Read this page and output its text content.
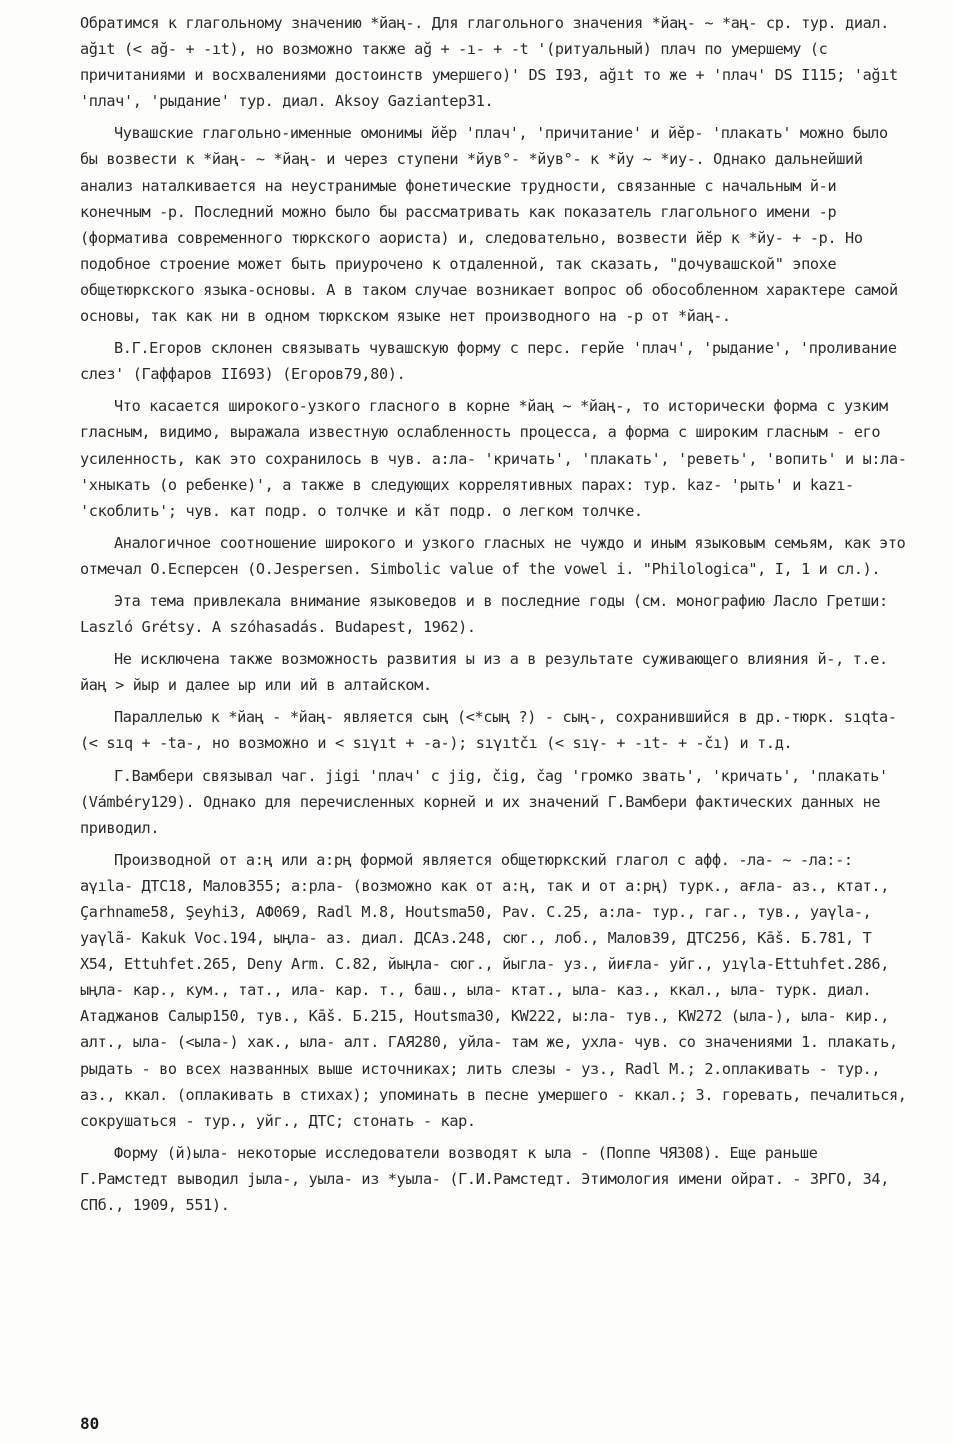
Обратимся к глагольному значению *йаң-. Для глагольного значения *йаң- ~ *аң- ср. тур. диал. ağıt (< ağ- + -ıt), но возможно также ağ + -ı- + -t '(ритуальный) плач по умершему (с причитаниями и восхвалениями достоинств умершего)' DS I93, ağıt то же + 'плач' DS I115; 'ağıt 'плач', 'рыдание' тур. диал. Aksoy Gaziantep31.

Чувашские глагольно-именные омонимы йӗр 'плач', 'причитание' и йӗр- 'плакать' можно было бы возвести к *йаң- ~ *йаң- и через ступени *йув°- *йув°- к *йу ~ *иу-. Однако дальнейший анализ наталкивается на неустранимые фонетические трудности, связанные с начальным й-и конечным -р. Последний можно было бы рассматривать как показатель глагольного имени -р (форматива современного тюркского аориста) и, следовательно, возвести йӗр к *йу- + -р. Но подобное строение может быть приурочено к отдаленной, так сказать, "дочувашской" эпохе общетюркского языка-основы. А в таком случае возникает вопрос об обособленном характере самой основы, так как ни в одном тюркском языке нет производного на -р от *йаң-.

В.Г.Егоров склонен связывать чувашскую форму с перс. герйе 'плач', 'рыдание', 'проливание слез' (Гаффаров II693) (Егоров79,80).

Что касается широкого-узкого гласного в корне *йаң ~ *йаң-, то исторически форма с узким гласным, видимо, выражала известную ослабленность процесса, а форма с широким гласным - его усиленность, как это сохранилось в чув. а:ла- 'кричать', 'плакать', 'реветь', 'вопить' и ы:ла- 'хныкать (о ребенке)', а также в следующих коррелятивных парах: тур. kaz- 'рыть' и kazı- 'скоблить'; чув. кат подр. о толчке и кӑт подр. о легком толчке.

Аналогичное соотношение широкого и узкого гласных не чуждо и иным языковым семьям, как это отмечал О.Есперсен (O.Jespersen. Simbolic value of the vowel i. "Philologica", I, 1 и сл.).

Эта тема привлекала внимание языковедов и в последние годы (см. монографию Ласло Гретши: Laszló Grétsy. A szóhasadás. Budapest, 1962).

Не исключена также возможность развития ы из а в результате суживающего влияния й-, т.е. йаң > йыр и далее ыр или ий в алтайском.

Параллелью к *йаң - *йаң- является сың (<*сың ?) - сың-, сохранившийся в др.-тюрк. sıqta- (< sıq + -ta-, но возможно и < sıγıt + -a-); sıγıtčı (< sıγ- + -ıt- + -čı) и т.д.

Г.Вамбери связывал чаг. jigi 'плач' с jig, čig, čag 'громко звать', 'кричать', 'плакать' (Vámbéry129). Однако для перечисленных корней и их значений Г.Вамбери фактических данных не приводил.

Производной от а:ң или а:рң формой является общетюркский глагол с афф. -ла- ~ -ла:-: aγıla- ДТС18, Малов355; а:рла- (возможно как от а:ң, так и от а:рң) турк., ағла- аз., ктат., Çarhnamе58, Şeyhi3, АФ069, Radl М.8, Houtsma50, Pav. C.25, а:ла- тур., гаг., тув., yaγla-, yaγlã- Kakuk Voc.194, ыңла- аз. диал. ДСАз.248, сюг., лоб., Малов39, ДТС256, Kāš. Б.781, Т Х54, Ettuhfet.265, Deny Arm. C.82, йыңла- сюг., йыгла- уз., йиғла- уйг., yıγla-Ettuhfet.286, ыңла- кар., кум., тат., ила- кар. т., баш., ыла- ктат., ыла- каз., ккал., ыла- турк. диал. Атаджанов Салыр150, тув., Kāš. Б.215, Houtsma30, KW222, ы:ла- тув., KW272 (ыла-), ыла- кир., алт., ыла- (<ыла-) хак., ыла- алт. ГАЯ280, уйла- там же, ухла- чув. со значениями 1. плакать, рыдать - во всех названных выше источниках; лить слезы - уз., Radl М.; 2.оплакивать - тур., аз., ккал. (оплакивать в стихах); упоминать в песне умершего - ккал.; 3. горевать, печалиться, сокрушаться - тур., уйг., ДТС; стонать - кар.

Форму (й)ыла- некоторые исследователи возводят к ыла - (Поппе ЧЯ308). Еще раньше Г.Рамстедт выводил jыла-, уыла- из *уыла- (Г.И.Рамстедт. Этимология имени ойрат. - ЗРГО, 34, СПб., 1909, 551).

80
